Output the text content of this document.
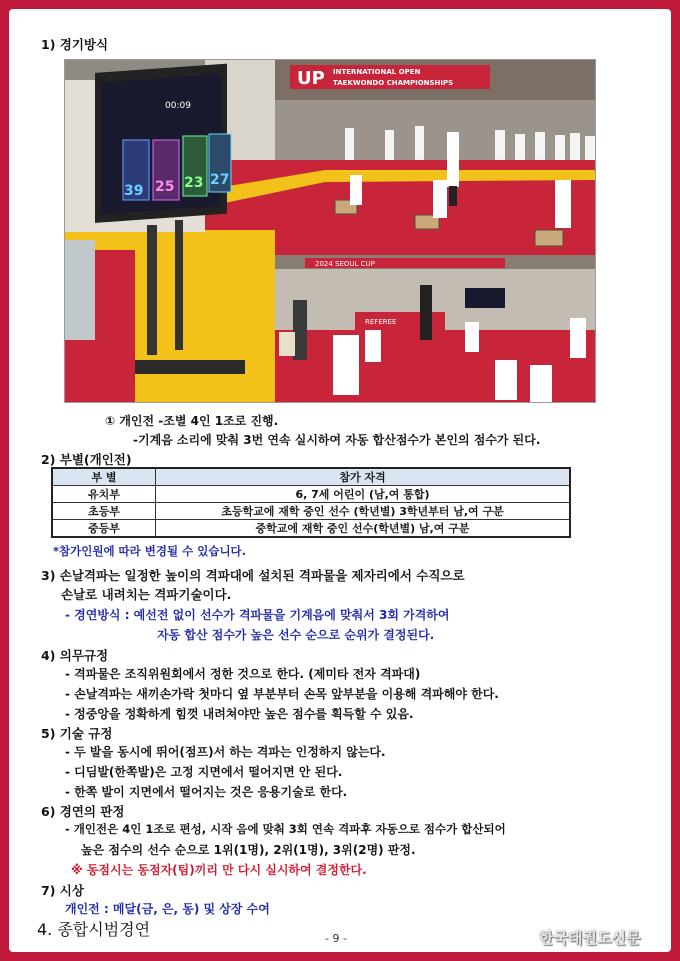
1) 경기방식
UP INTERNATIONAL OPEN
TAEKWONDO CHAMPIONSHIPS
00:09
39 25 23 27
2024 SEOUL CUP
REFEREE
① 개인전 -조별 4인 1조로 진행.
-기계음 소리에 맞춰 3번 연속 실시하여 자동 합산점수가 본인의 점수가 된다.
2) 부별(개인전)
부 별	참가 자격
유치부	6, 7세 어린이 (남,여 통합)
초등부	초등학교에 재학 중인 선수 (학년별) 3학년부터 남,여 구분
중등부	중학교에 재학 중인 선수(학년별) 남,여 구분
*참가인원에 따라 변경될 수 있습니다.
3) 손날격파는 일정한 높이의 격파대에 설치된 격파물을 제자리에서 수직으로
손날로 내려치는 격파기술이다.
- 경연방식 : 예선전 없이 선수가 격파물을 기계음에 맞춰서 3회 가격하여
자동 합산 점수가 높은 선수 순으로 순위가 결정된다.
4) 의무규정
- 격파물은 조직위원회에서 정한 것으로 한다. (제미타 전자 격파대)
- 손날격파는 새끼손가락 첫마디 옆 부분부터 손목 앞부분을 이용해 격파해야 한다.
- 정중앙을 정확하게 힘껏 내려쳐야만 높은 점수를 획득할 수 있음.
5) 기술 규정
- 두 발을 동시에 뛰어(점프)서 하는 격파는 인정하지 않는다.
- 디딤발(한쪽발)은 고정 지면에서 떨어지면 안 된다.
- 한쪽 발이 지면에서 떨어지는 것은 응용기술로 한다.
6) 경연의 판정
- 개인전은 4인 1조로 편성, 시작 음에 맞춰 3회 연속 격파후 자동으로 점수가 합산되어
높은 점수의 선수 순으로 1위(1명), 2위(1명), 3위(2명) 판정.
※ 동점시는 동점자(팀)끼리 만 다시 실시하여 결정한다.
7) 시상
개인전 : 메달(금, 은, 동) 및 상장 수여
4. 종합시범경연	- 9 -	한국태권도신문
